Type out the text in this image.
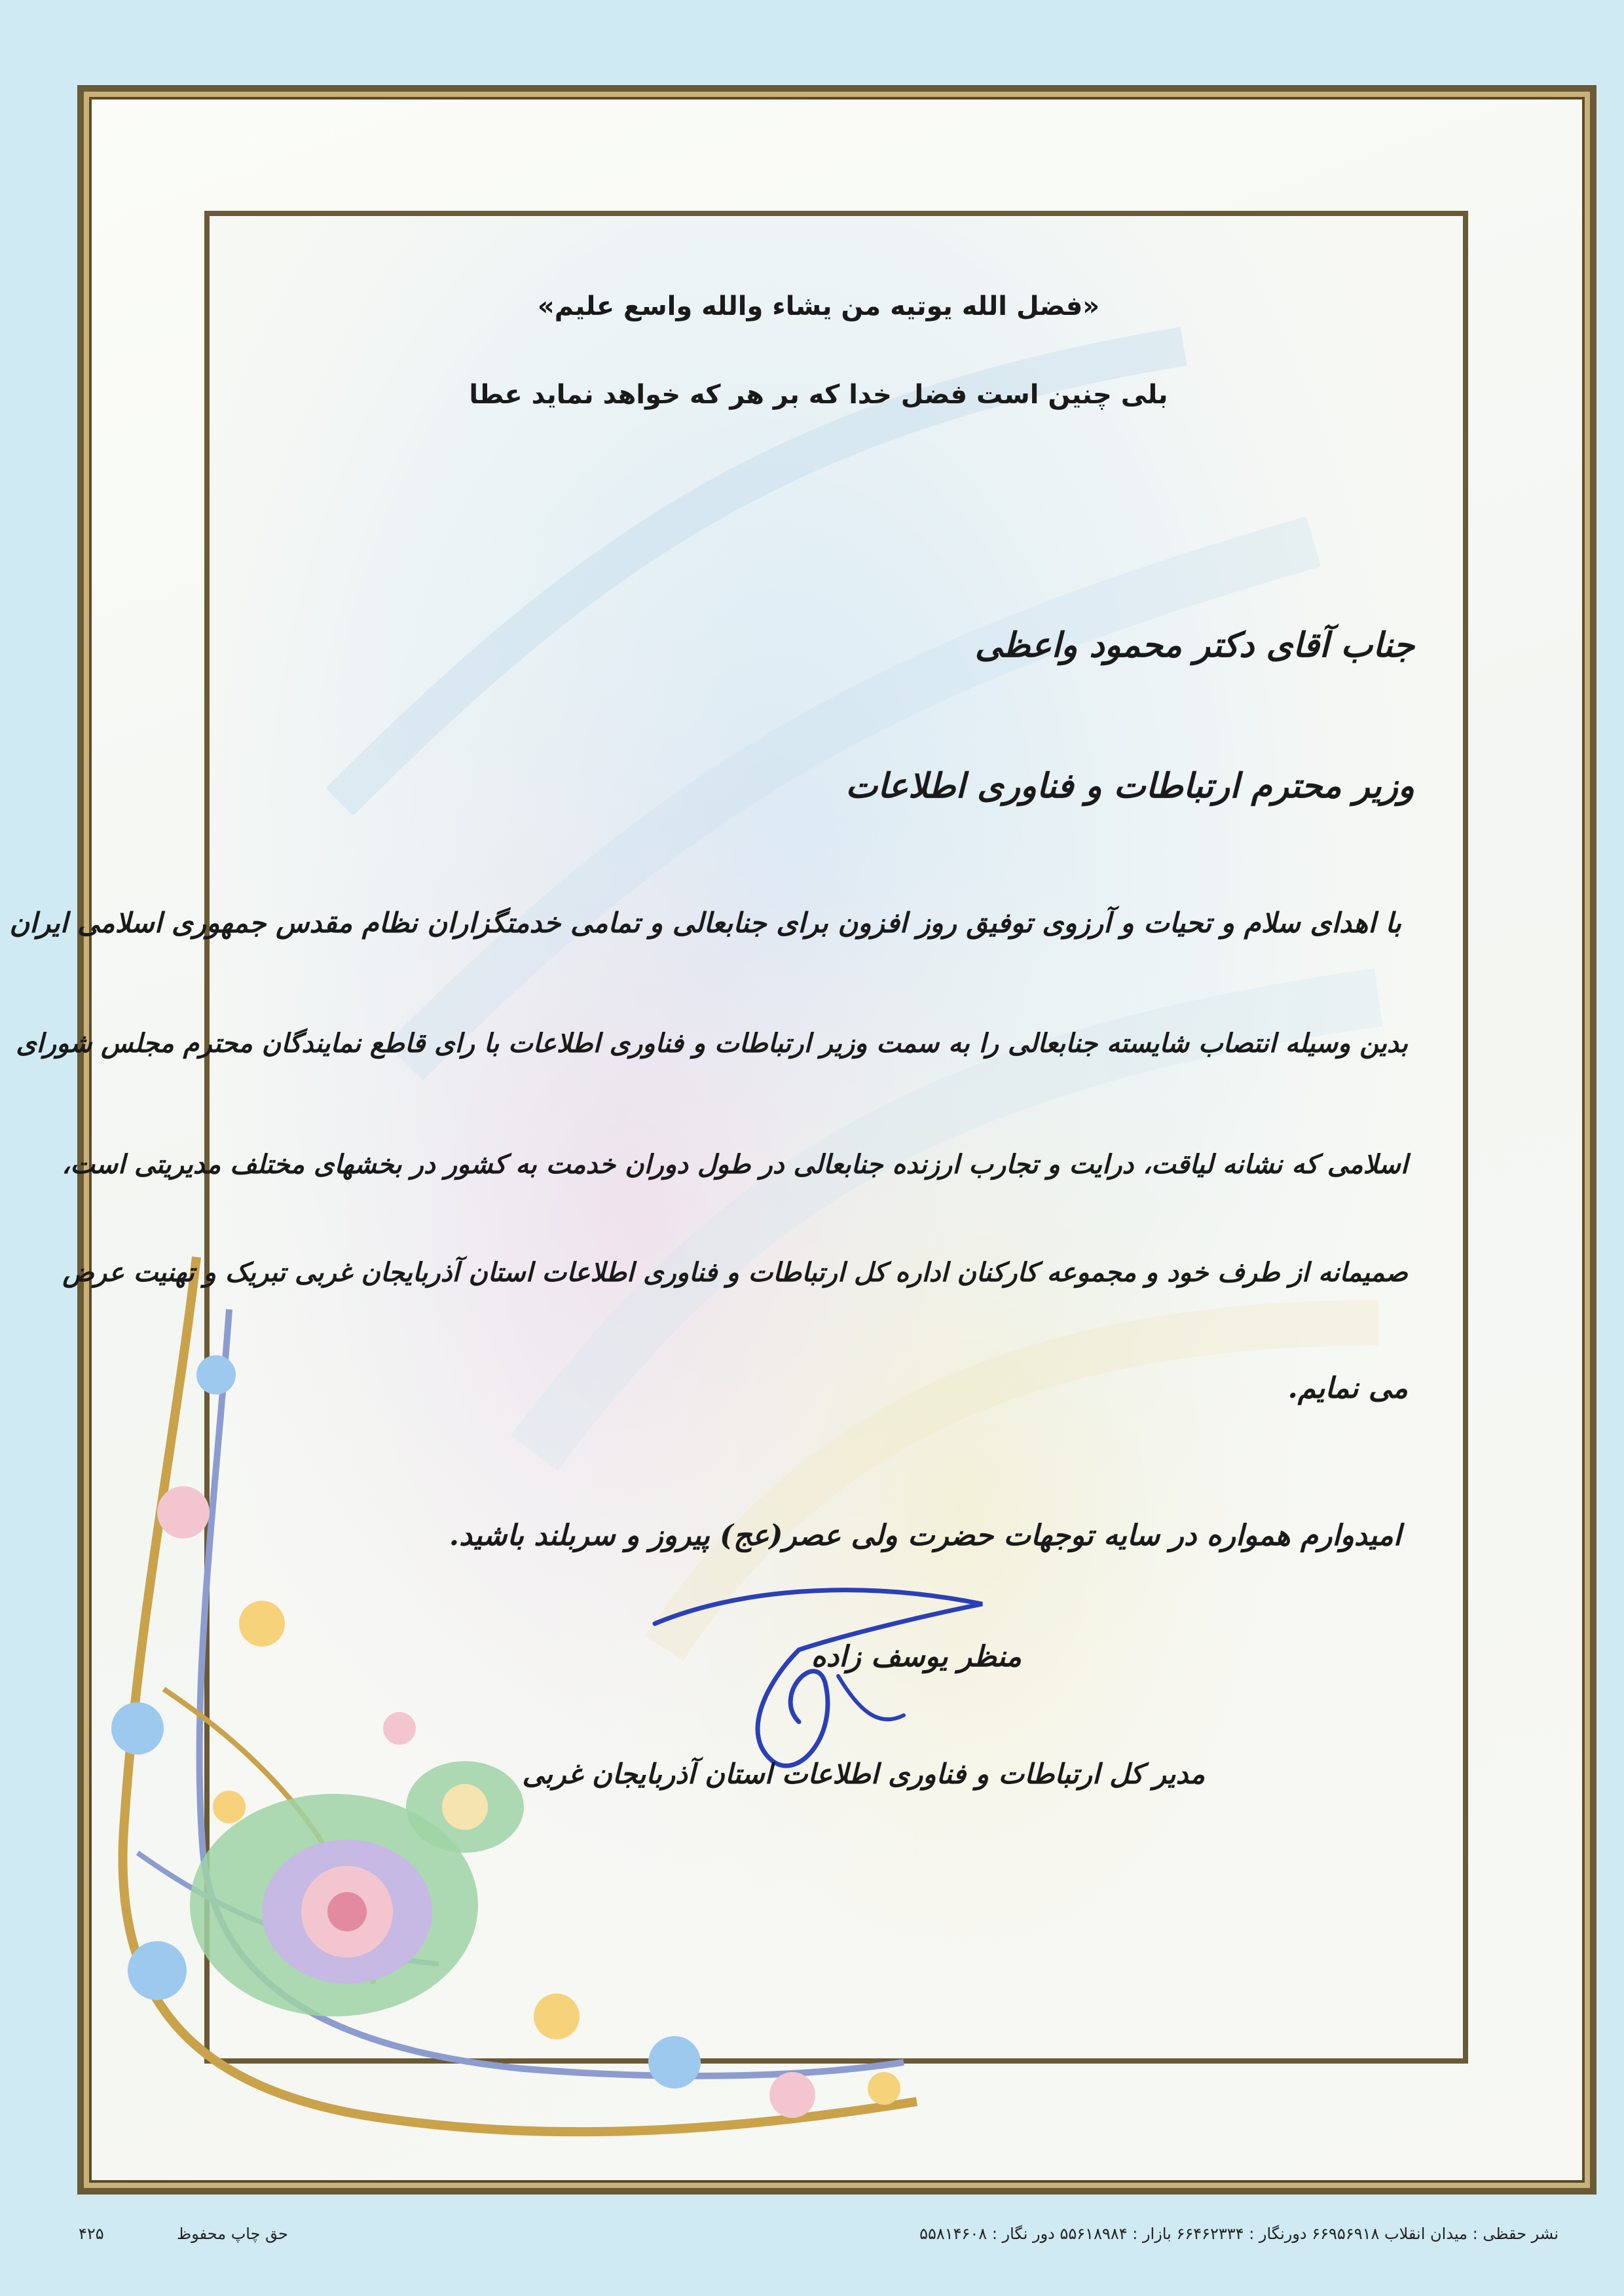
«فضل الله یوتیه من یشاء والله واسع علیم»
بلی چنین است فضل خدا که بر هر که خواهد نماید عطا
جناب آقای دکتر محمود واعظی
وزیر محترم ارتباطات و فناوری اطلاعات
با اهدای سلام و تحیات و آرزوی توفیق روز افزون برای جنابعالی و تمامی خدمتگزاران نظام مقدس جمهوری اسلامی ایران
بدین وسیله انتصاب شایسته جنابعالی را به سمت وزیر ارتباطات و فناوری اطلاعات با رای قاطع نمایندگان محترم مجلس شورای
اسلامی که نشانه لیاقت، درایت و تجارب ارزنده جنابعالی در طول دوران خدمت به کشور در بخشهای مختلف مدیریتی است،
صمیمانه از طرف خود و مجموعه کارکنان اداره کل ارتباطات و فناوری اطلاعات استان آذربایجان غربی تبریک و تهنیت عرض
می نمایم.
امیدوارم همواره در سایه توجهات حضرت ولی عصر(عج) پیروز و سربلند باشید.
منظر یوسف زاده
مدیر کل ارتباطات و فناوری اطلاعات استان آذربایجان غربی
نشر حقظی : میدان انقلاب ۶۶۹۵۶۹۱۸ دورنگار : ۶۶۴۶۲۳۳۴ بازار : ۵۵۶۱۸۹۸۴ دور نگار : ۵۵۸۱۴۶۰۸
حق چاپ محفوظ
۴۲۵
